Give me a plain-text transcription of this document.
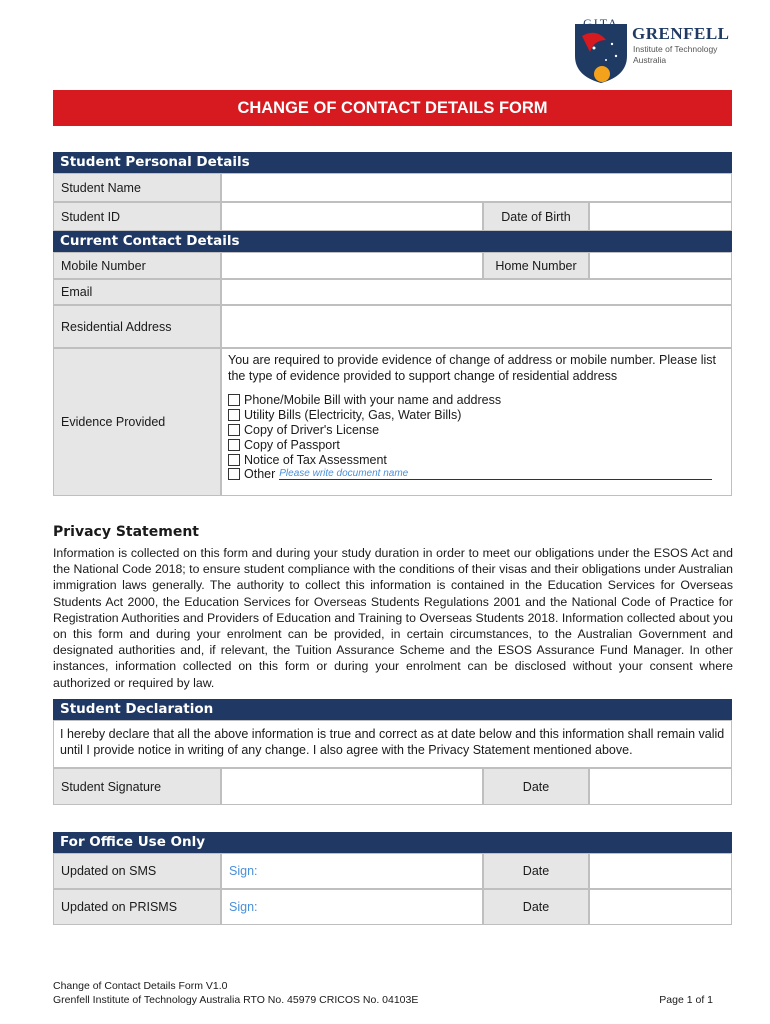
GITA
GRENFELL
Institute of Technology
Australia
CHANGE OF CONTACT DETAILS FORM
Student Personal Details
Student Name
Student ID	Date of Birth
Current Contact Details
Mobile Number	Home Number
Email
Residential Address
Evidence Provided
You are required to provide evidence of change of address or mobile number. Please list the type of evidence provided to support change of residential address
Phone/Mobile Bill with your name and address
Utility Bills (Electricity, Gas, Water Bills)
Copy of Driver's License
Copy of Passport
Notice of Tax Assessment
Other Please write document name
Privacy Statement
Information is collected on this form and during your study duration in order to meet our obligations under the ESOS Act and the National Code 2018; to ensure student compliance with the conditions of their visas and their obligations under Australian immigration laws generally. The authority to collect this information is contained in the Education Services for Overseas Students Act 2000, the Education Services for Overseas Students Regulations 2001 and the National Code of Practice for Registration Authorities and Providers of Education and Training to Overseas Students 2018. Information collected about you on this form and during your enrolment can be provided, in certain circumstances, to the Australian Government and designated authorities and, if relevant, the Tuition Assurance Scheme and the ESOS Assurance Fund Manager. In other instances, information collected on this form or during your enrolment can be disclosed without your consent where authorized or required by law.
Student Declaration
I hereby declare that all the above information is true and correct as at date below and this information shall remain valid until I provide notice in writing of any change. I also agree with the Privacy Statement mentioned above.
Student Signature	Date
For Office Use Only
Updated on SMS	Sign:	Date
Updated on PRISMS	Sign:	Date
Change of Contact Details Form V1.0
Grenfell Institute of Technology Australia RTO No. 45979 CRICOS No. 04103E	Page 1 of 1
